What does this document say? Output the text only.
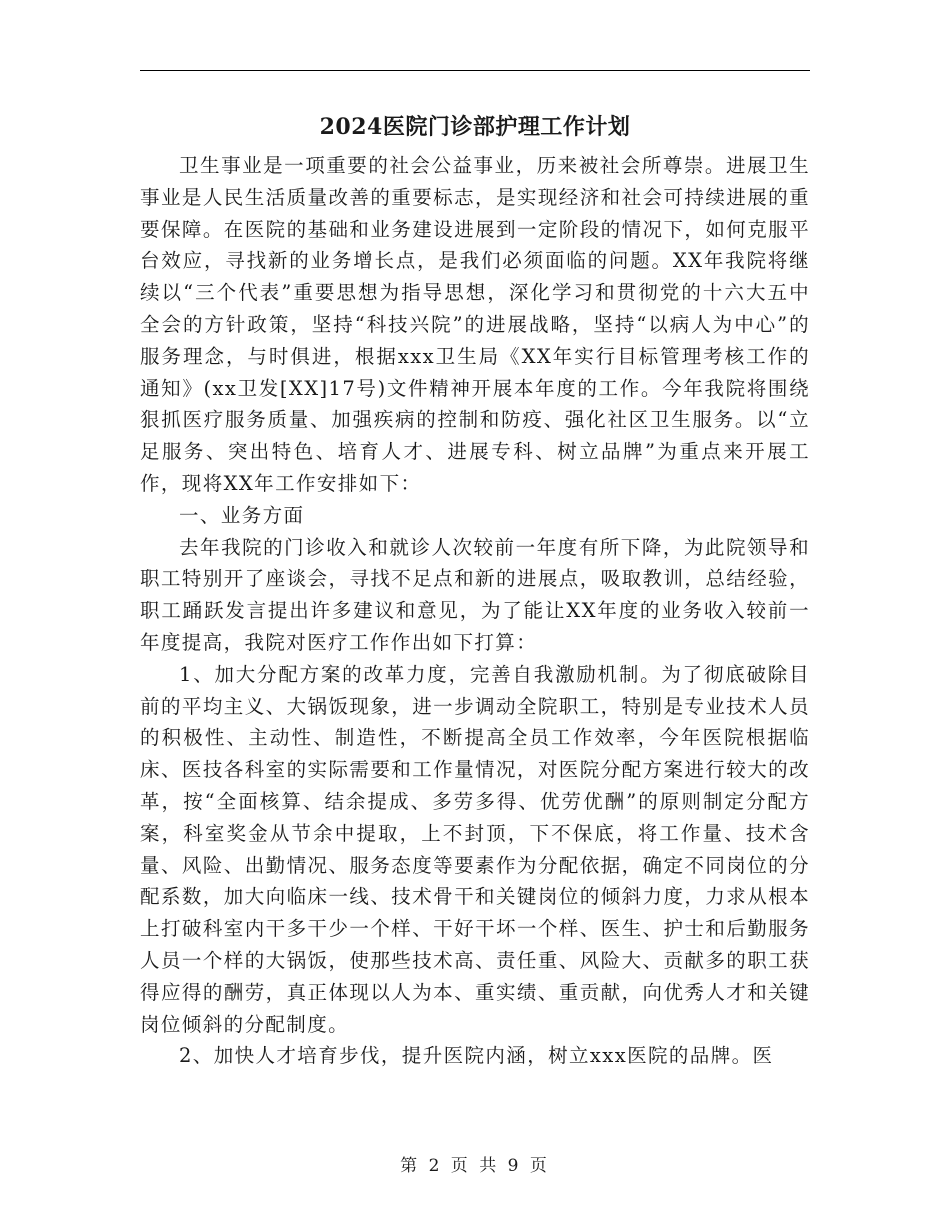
2024医院门诊部护理工作计划

卫生事业是一项重要的社会公益事业，历来被社会所尊崇。进展卫生事业是人民生活质量改善的重要标志，是实现经济和社会可持续进展的重要保障。在医院的基础和业务建设进展到一定阶段的情况下，如何克服平台效应，寻找新的业务增长点，是我们必须面临的问题。XX年我院将继续以“三个代表”重要思想为指导思想，深化学习和贯彻党的十六大五中全会的方针政策，坚持“科技兴院”的进展战略，坚持“以病人为中心”的服务理念，与时俱进，根据xxx卫生局《XX年实行目标管理考核工作的通知》(xx卫发[XX]17号)文件精神开展本年度的工作。今年我院将围绕狠抓医疗服务质量、加强疾病的控制和防疫、强化社区卫生服务。以“立足服务、突出特色、培育人才、进展专科、树立品牌”为重点来开展工作，现将XX年工作安排如下：

一、业务方面

去年我院的门诊收入和就诊人次较前一年度有所下降，为此院领导和职工特别开了座谈会，寻找不足点和新的进展点，吸取教训，总结经验，职工踊跃发言提出许多建议和意见，为了能让XX年度的业务收入较前一年度提高，我院对医疗工作作出如下打算：

1、加大分配方案的改革力度，完善自我激励机制。为了彻底破除目前的平均主义、大锅饭现象，进一步调动全院职工，特别是专业技术人员的积极性、主动性、制造性，不断提高全员工作效率，今年医院根据临床、医技各科室的实际需要和工作量情况，对医院分配方案进行较大的改革，按“全面核算、结余提成、多劳多得、优劳优酬”的原则制定分配方案，科室奖金从节余中提取，上不封顶，下不保底，将工作量、技术含量、风险、出勤情况、服务态度等要素作为分配依据，确定不同岗位的分配系数，加大向临床一线、技术骨干和关键岗位的倾斜力度，力求从根本上打破科室内干多干少一个样、干好干坏一个样、医生、护士和后勤服务人员一个样的大锅饭，使那些技术高、责任重、风险大、贡献多的职工获得应得的酬劳，真正体现以人为本、重实绩、重贡献，向优秀人才和关键岗位倾斜的分配制度。

2、加快人才培育步伐，提升医院内涵，树立xxx医院的品牌。医

第 2 页 共 9 页
